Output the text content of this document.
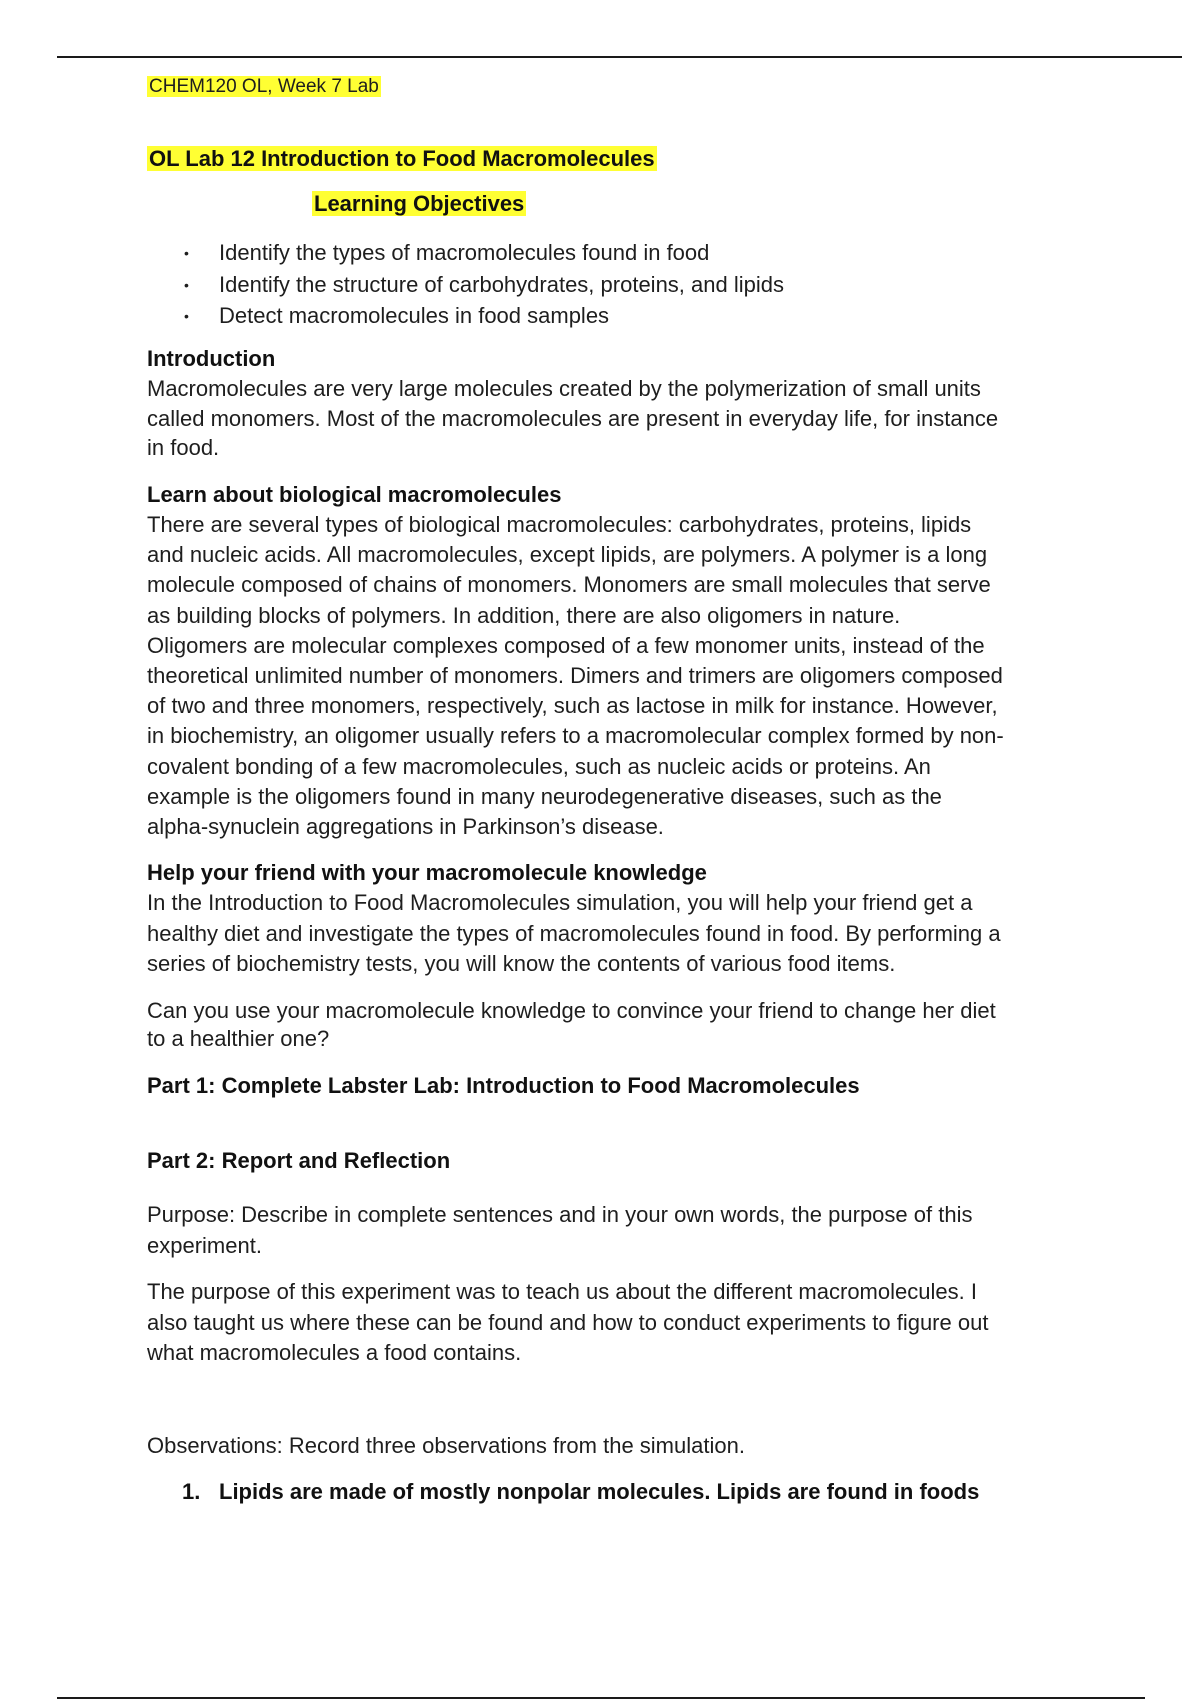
CHEM120 OL, Week 7 Lab
OL Lab 12 Introduction to Food Macromolecules
Learning Objectives
• Identify the types of macromolecules found in food
• Identify the structure of carbohydrates, proteins, and lipids
• Detect macromolecules in food samples
Introduction
Macromolecules are very large molecules created by the polymerization of small units
called monomers. Most of the macromolecules are present in everyday life, for instance
in food.
Learn about biological macromolecules
There are several types of biological macromolecules: carbohydrates, proteins, lipids
and nucleic acids. All macromolecules, except lipids, are polymers. A polymer is a long
molecule composed of chains of monomers. Monomers are small molecules that serve
as building blocks of polymers. In addition, there are also oligomers in nature.
Oligomers are molecular complexes composed of a few monomer units, instead of the
theoretical unlimited number of monomers. Dimers and trimers are oligomers composed
of two and three monomers, respectively, such as lactose in milk for instance. However,
in biochemistry, an oligomer usually refers to a macromolecular complex formed by non-
covalent bonding of a few macromolecules, such as nucleic acids or proteins. An
example is the oligomers found in many neurodegenerative diseases, such as the
alpha-synuclein aggregations in Parkinson’s disease.
Help your friend with your macromolecule knowledge
In the Introduction to Food Macromolecules simulation, you will help your friend get a
healthy diet and investigate the types of macromolecules found in food. By performing a
series of biochemistry tests, you will know the contents of various food items.
Can you use your macromolecule knowledge to convince your friend to change her diet
to a healthier one?
Part 1: Complete Labster Lab: Introduction to Food Macromolecules
Part 2: Report and Reflection
Purpose: Describe in complete sentences and in your own words, the purpose of this
experiment.
The purpose of this experiment was to teach us about the different macromolecules. I
also taught us where these can be found and how to conduct experiments to figure out
what macromolecules a food contains.
Observations: Record three observations from the simulation.
1. Lipids are made of mostly nonpolar molecules. Lipids are found in foods
